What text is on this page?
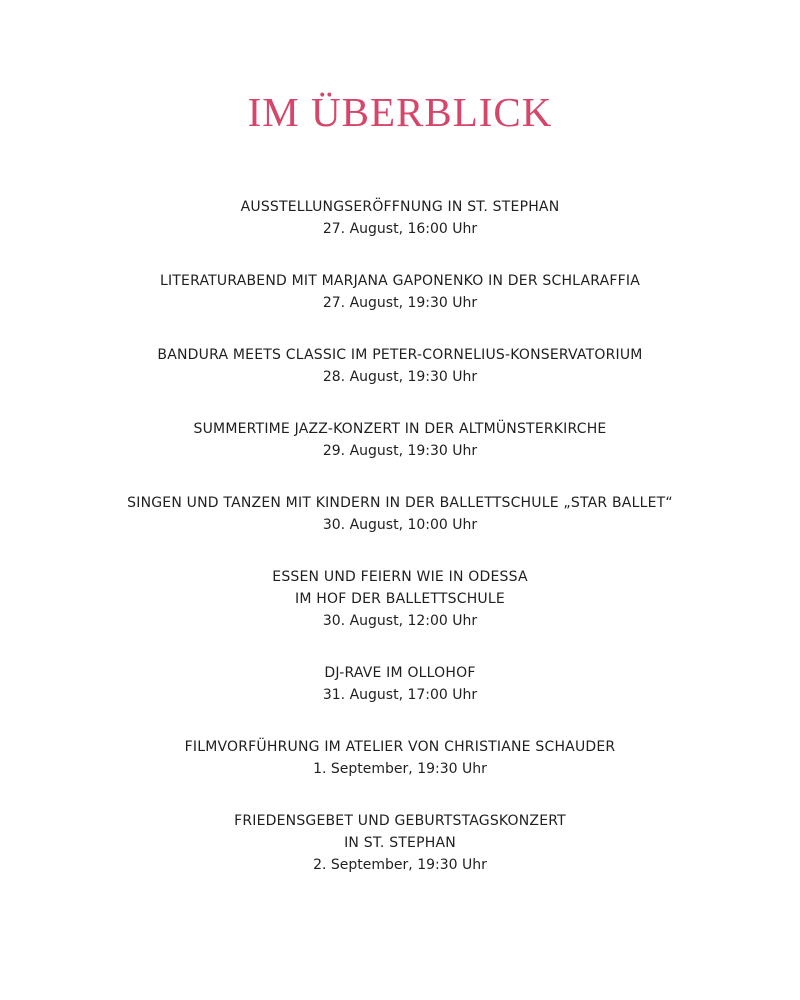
IM ÜBERBLICK
AUSSTELLUNGSERÖFFNUNG IN ST. STEPHAN
27. August, 16:00 Uhr
LITERATURABEND MIT MARJANA GAPONENKO IN DER SCHLARAFFIA
27. August, 19:30 Uhr
BANDURA MEETS CLASSIC IM PETER-CORNELIUS-KONSERVATORIUM
28. August, 19:30 Uhr
SUMMERTIME JAZZ-KONZERT IN DER ALTMÜNSTERKIRCHE
29. August, 19:30 Uhr
SINGEN UND TANZEN MIT KINDERN IN DER BALLETTSCHULE „STAR BALLET“
30. August, 10:00 Uhr
ESSEN UND FEIERN WIE IN ODESSA
IM HOF DER BALLETTSCHULE
30. August, 12:00 Uhr
DJ-RAVE IM OLLOHOF
31. August, 17:00 Uhr
FILMVORFÜHRUNG IM ATELIER VON CHRISTIANE SCHAUDER
1. September, 19:30 Uhr
FRIEDENSGEBET UND GEBURTSTAGSKONZERT
IN ST. STEPHAN
2. September, 19:30 Uhr
